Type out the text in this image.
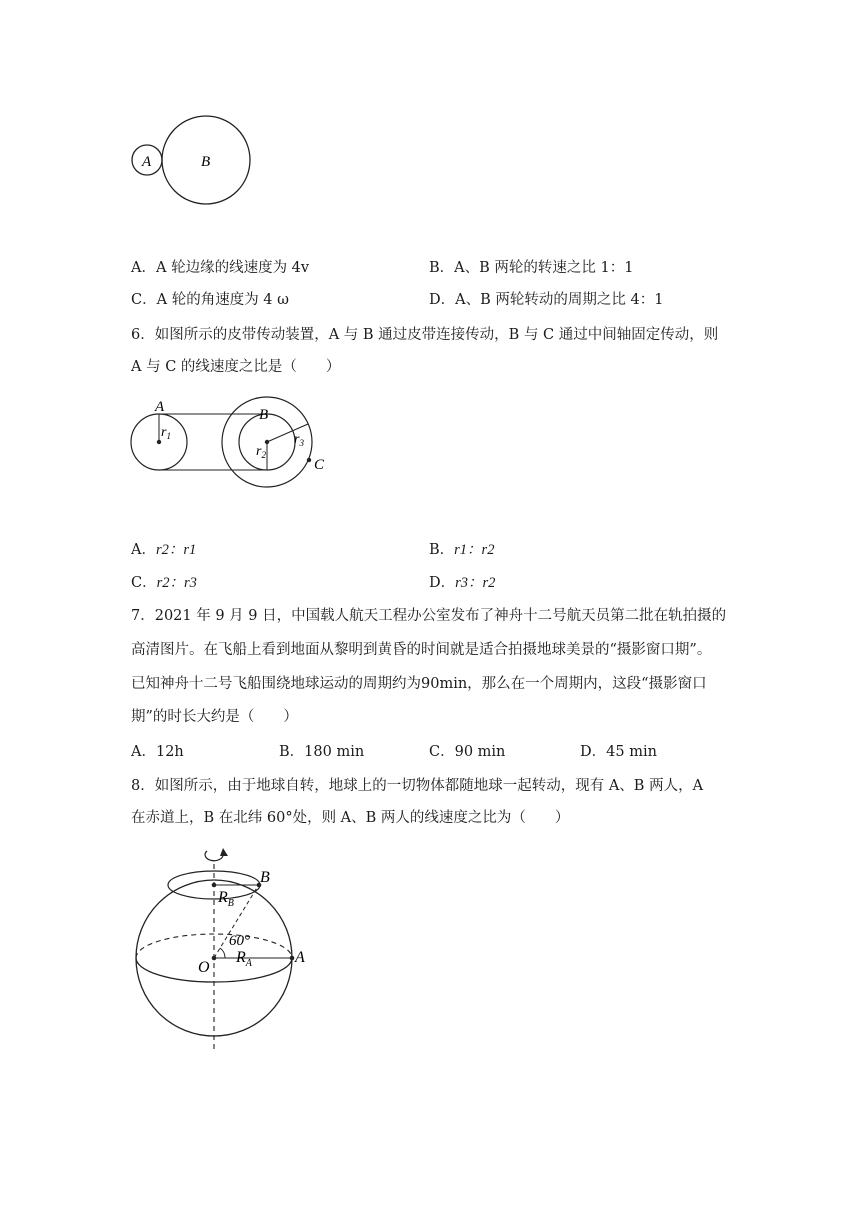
A	B
A．A 轮边缘的线速度为 4v	B．A、B 两轮的转速之比 1：1
C．A 轮的角速度为 4 ω	D．A、B 两轮转动的周期之比 4：1
6．如图所示的皮带传动装置，A 与 B 通过皮带连接传动，B 与 C 通过中间轴固定传动，则
A 与 C 的线速度之比是（　　）
A	B
C
$r_1$
$r_2$
$r_3$
A．r2：r1	B．r1：r2
C．r2：r3	D．r3：r2
7．2021 年 9 月 9 日，中国载人航天工程办公室发布了神舟十二号航天员第二批在轨拍摄的
高清图片。在飞船上看到地面从黎明到黄昏的时间就是适合拍摄地球美景的“摄影窗口期”。
已知神舟十二号飞船围绕地球运动的周期约为90min，那么在一个周期内，这段“摄影窗口
期”的时长大约是（　　）
A．12h	B．180 min	C．90 min	D．45 min
8．如图所示，由于地球自转，地球上的一切物体都随地球一起转动，现有 A、B 两人，A
在赤道上，B 在北纬 60°处，则 A、B 两人的线速度之比为（　　）
B
A
O
$R_B$
$R_A$
60°
